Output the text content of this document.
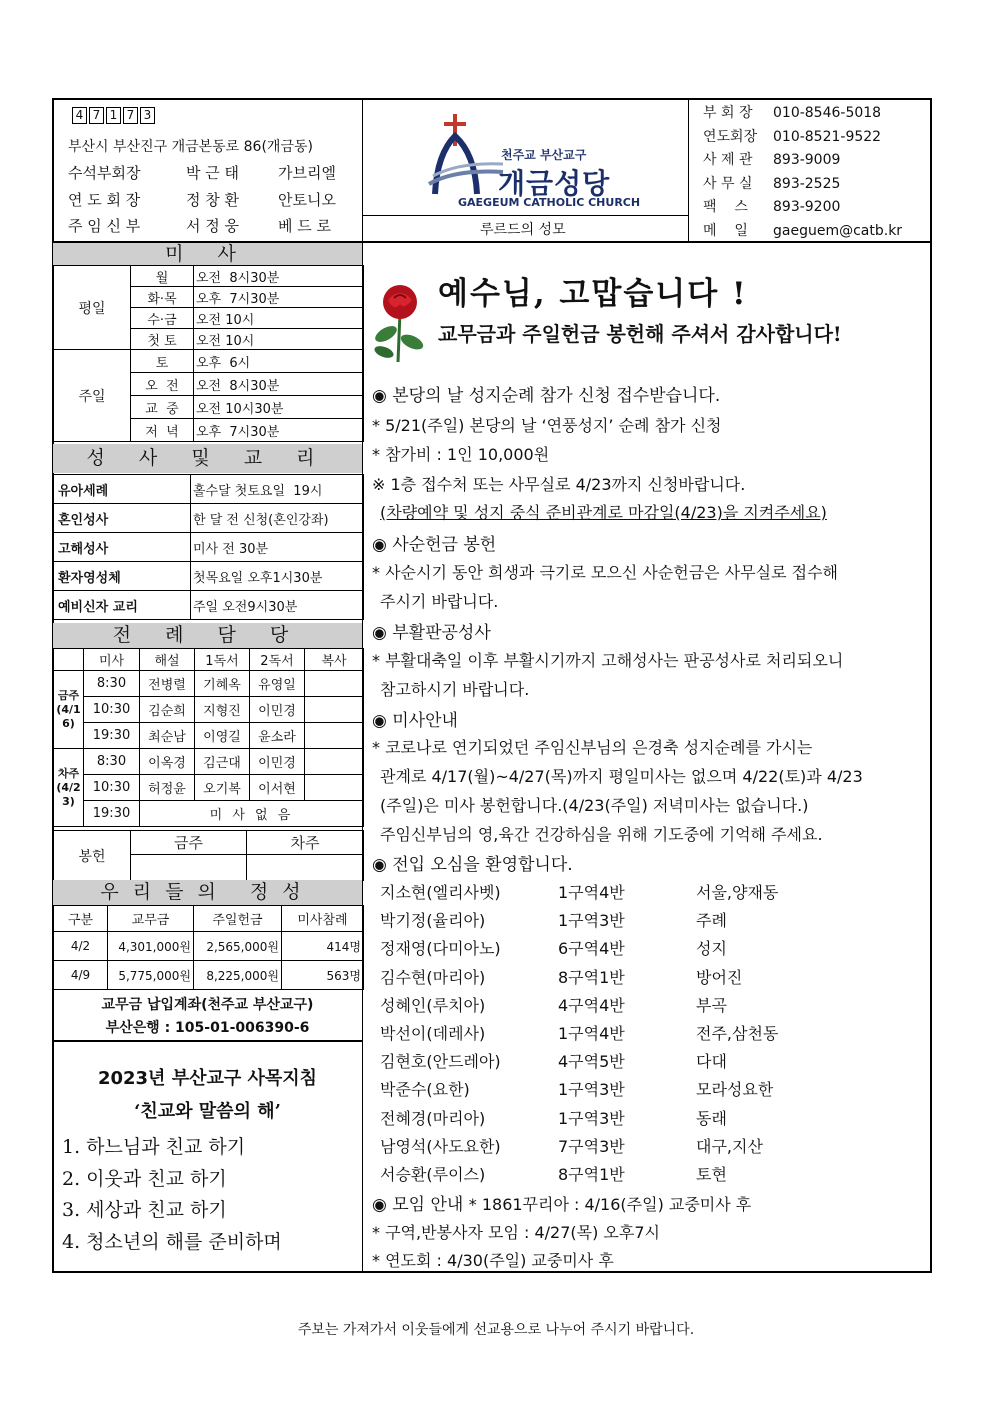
4 7 1 7 3
부산시 부산진구 개금본동로 86(개금동)
수석부회장	박 근 태	가브리엘
연 도 회 장	정 창 환	안토니오
주 임 신 부	서 정 웅	베 드 로
천주교 부산교구
개금성당
GAEGEUM CATHOLIC CHURCH
루르드의 성모
부 회 장 010-8546-5018
연도회장 010-8521-9522
사 제 관 893-9009
사 무 실 893-2525
팩    스 893-9200
메    일 gaeguem@catb.kr
미 사
평일	월	오전  8시30분
	화·목	오후  7시30분
	수·금	오전 10시
	첫 토	오전 10시
주일	토	오후  6시
	오  전	오전  8시30분
	교  중	오전 10시30분
	저  녁	오후  7시30분
성 사 및 교 리
유아세례	홀수달 첫토요일  19시
혼인성사	한 달 전 신청(혼인강좌)
고해성사	미사 전 30분
환자영성체	첫목요일 오후1시30분
예비신자 교리	주일 오전9시30분
전 례 담 당
	미사	해설	1독서	2독서	복사
금주(4/16)	8:30	전병렬	기혜옥	유영일	
	10:30	김순희	지형진	이민경	
	19:30	최순남	이영길	윤소라	
차주(4/23)	8:30	이옥경	김근대	이민경	
	10:30	허정윤	오기복	이서현	
	19:30	미 사 없 음			
봉헌	금주	차주

우리들의 정성
구분	교무금	주일헌금	미사참례
4/2	4,301,000원	2,565,000원	414명
4/9	5,775,000원	8,225,000원	563명
교무금 납입계좌(천주교 부산교구)
부산은행 : 105-01-006390-6
2023년 부산교구 사목지침
‘친교와 말씀의 해’
1. 하느님과 친교 하기
2. 이웃과 친교 하기
3. 세상과 친교 하기
4. 청소년의 해를 준비하며
예수님, 고맙습니다 !
교무금과 주일헌금 봉헌해 주셔서 감사합니다!
◉ 본당의 날 성지순례 참가 신청 접수받습니다.
* 5/21(주일) 본당의 날 ‘연풍성지’ 순례 참가 신청
* 참가비 : 1인 10,000원
※ 1층 접수처 또는 사무실로 4/23까지 신청바랍니다.
(차량예약 및 성지 중식 준비관계로 마감일(4/23)을 지켜주세요)
◉ 사순헌금 봉헌
* 사순시기 동안 희생과 극기로 모으신 사순헌금은 사무실로 접수해
주시기 바랍니다.
◉ 부활판공성사
* 부활대축일 이후 부활시기까지 고해성사는 판공성사로 처리되오니
참고하시기 바랍니다.
◉ 미사안내
* 코로나로 연기되었던 주임신부님의 은경축 성지순례를 가시는
관계로 4/17(월)~4/27(목)까지 평일미사는 없으며 4/22(토)과 4/23
(주일)은 미사 봉헌합니다.(4/23(주일) 저녁미사는 없습니다.)
주임신부님의 영,육간 건강하심을 위해 기도중에 기억해 주세요.
◉ 전입 오심을 환영합니다.
지소현(엘리사벳)	1구역4반	서울,양재동
박기정(율리아)	1구역3반	주례
정재영(다미아노)	6구역4반	성지
김수현(마리아)	8구역1반	방어진
성혜인(루치아)	4구역4반	부곡
박선이(데레사)	1구역4반	전주,삼천동
김현호(안드레아)	4구역5반	다대
박준수(요한)	1구역3반	모라성요한
전혜경(마리아)	1구역3반	동래
남영석(사도요한)	7구역3반	대구,지산
서승환(루이스)	8구역1반	토현
◉ 모임 안내 * 1861꾸리아 : 4/16(주일) 교중미사 후
* 구역,반봉사자 모임 : 4/27(목) 오후7시
* 연도회 : 4/30(주일) 교중미사 후
주보는 가져가서 이웃들에게 선교용으로 나누어 주시기 바랍니다.
